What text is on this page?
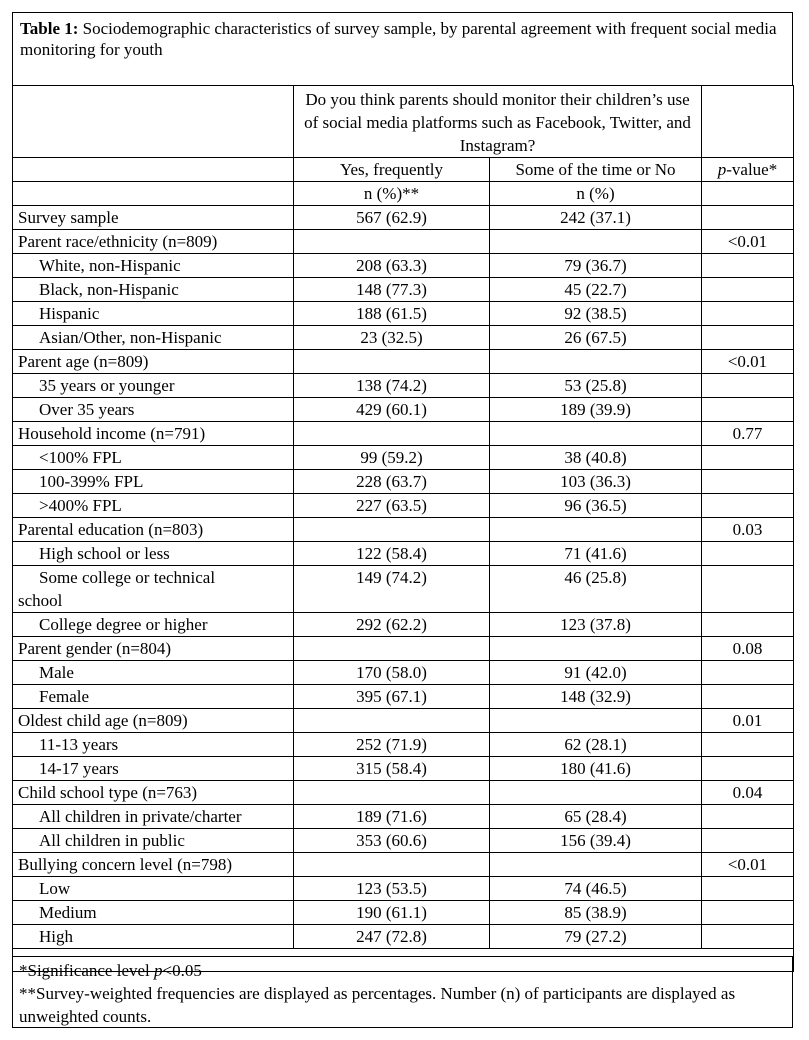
Table 1: Sociodemographic characteristics of survey sample, by parental agreement with frequent social media monitoring for youth
	Do you think parents should monitor their children’s use of social media platforms such as Facebook, Twitter, and Instagram?		
	Yes, frequently	Some of the time or No	p-value*
	n (%)**	n (%)	
Survey sample	567 (62.9)	242 (37.1)	
Parent race/ethnicity (n=809)			<0.01
White, non-Hispanic	208 (63.3)	79 (36.7)	
Black, non-Hispanic	148 (77.3)	45 (22.7)	
Hispanic	188 (61.5)	92 (38.5)	
Asian/Other, non-Hispanic	23 (32.5)	26 (67.5)	
Parent age (n=809)			<0.01
35 years or younger	138 (74.2)	53 (25.8)	
Over 35 years	429 (60.1)	189 (39.9)	
Household income (n=791)			0.77
<100% FPL	99 (59.2)	38 (40.8)	
100-399% FPL	228 (63.7)	103 (36.3)	
>400% FPL	227 (63.5)	96 (36.5)	
Parental education (n=803)			0.03
High school or less	122 (58.4)	71 (41.6)	

Some college or technical
school	149 (74.2)	46 (25.8)	
College degree or higher	292 (62.2)	123 (37.8)	
Parent gender (n=804)			0.08
Male	170 (58.0)	91 (42.0)	
Female	395 (67.1)	148 (32.9)	
Oldest child age (n=809)			0.01
11-13 years	252 (71.9)	62 (28.1)	
14-17 years	315 (58.4)	180 (41.6)	
Child school type (n=763)			0.04
All children in private/charter	189 (71.6)	65 (28.4)	
All children in public	353 (60.6)	156 (39.4)	
Bullying concern level (n=798)			<0.01
Low	123 (53.5)	74 (46.5)	
Medium	190 (61.1)	85 (38.9)	
High	247 (72.8)	79 (27.2)	

*Significance level p<0.05
**Survey-weighted frequencies are displayed as percentages. Number (n) of participants are displayed as unweighted counts.
